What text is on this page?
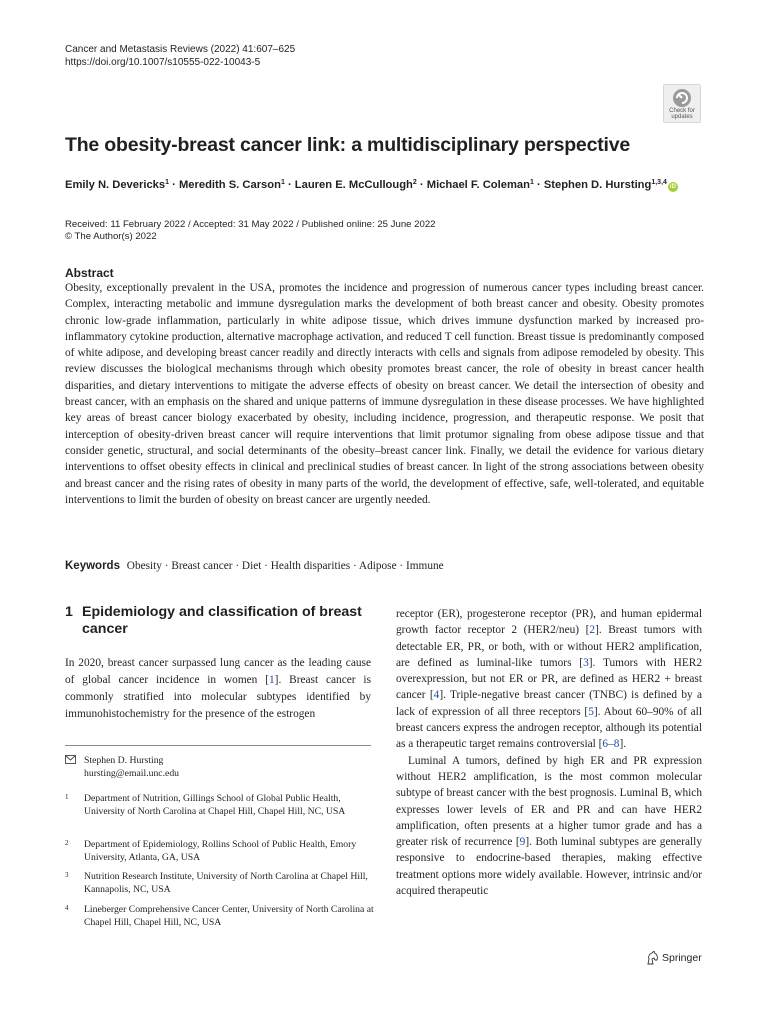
Cancer and Metastasis Reviews (2022) 41:607–625
https://doi.org/10.1007/s10555-022-10043-5
Check for
updates
The obesity-breast cancer link: a multidisciplinary perspective
Emily N. Devericks$^1$ · Meredith S. Carson$^1$ · Lauren E. McCullough$^2$ · Michael F. Coleman$^1$ · Stephen D. Hursting$^{1,3,4}$iD
Received: 11 February 2022 / Accepted: 31 May 2022 / Published online: 25 June 2022
© The Author(s) 2022
Abstract

Obesity, exceptionally prevalent in the USA, promotes the incidence and progression of numerous cancer types including breast cancer. Complex, interacting metabolic and immune dysregulation marks the development of both breast cancer and obesity. Obesity promotes chronic low-grade inflammation, particularly in white adipose tissue, which drives immune dysfunction marked by increased pro-inflammatory cytokine production, alternative macrophage activation, and reduced T cell function. Breast tissue is predominantly composed of white adipose, and developing breast cancer readily and directly interacts with cells and signals from adipose remodeled by obesity. This review discusses the biological mechanisms through which obesity promotes breast cancer, the role of obesity in breast cancer health disparities, and dietary interventions to mitigate the adverse effects of obesity on breast cancer. We detail the intersection of obesity and breast cancer, with an emphasis on the shared and unique patterns of immune dysregulation in these disease processes. We have highlighted key areas of breast cancer biology exacerbated by obesity, including incidence, progression, and therapeutic response. We posit that interception of obesity-driven breast cancer will require interventions that limit protumor signaling from obese adipose tissue and that consider genetic, structural, and social determinants of the obesity–breast cancer link. Finally, we detail the evidence for various dietary interventions to offset obesity effects in clinical and preclinical studies of breast cancer. In light of the strong associations between obesity and breast cancer and the rising rates of obesity in many parts of the world, the development of effective, safe, well-tolerated, and equitable interventions to limit the burden of obesity on breast cancer are urgently needed.

Keywords Obesity · Breast cancer · Diet · Health disparities · Adipose · Immune
1 Epidemiology and classification of breast cancer

In 2020, breast cancer surpassed lung cancer as the leading cause of global cancer incidence in women [1]. Breast cancer is commonly stratified into molecular subtypes identified by immunohistochemistry for the presence of the estrogen

Stephen D. Hursting
hursting@email.unc.edu
1 Department of Nutrition, Gillings School of Global Public Health, University of North Carolina at Chapel Hill, Chapel Hill, NC, USA
2 Department of Epidemiology, Rollins School of Public Health, Emory University, Atlanta, GA, USA
3 Nutrition Research Institute, University of North Carolina at Chapel Hill, Kannapolis, NC, USA
4 Lineberger Comprehensive Cancer Center, University of North Carolina at Chapel Hill, Chapel Hill, NC, USA

receptor (ER), progesterone receptor (PR), and human epidermal growth factor receptor 2 (HER2/neu) [2]. Breast tumors with detectable ER, PR, or both, with or without HER2 amplification, are defined as luminal-like tumors [3]. Tumors with HER2 overexpression, but not ER or PR, are defined as HER2 + breast cancer [4]. Triple-negative breast cancer (TNBC) is defined by a lack of expression of all three receptors [5]. About 60–90% of all breast cancers express the androgen receptor, although its potential as a therapeutic target remains controversial [6–8].

Luminal A tumors, defined by high ER and PR expression without HER2 amplification, is the most common molecular subtype of breast cancer with the best prognosis. Luminal B, which expresses lower levels of ER and PR and can have HER2 amplification, often presents at a higher tumor grade and has a greater risk of recurrence [9]. Both luminal subtypes are generally responsive to endocrine-based therapies, making effective treatment options more widely available. However, intrinsic and/or acquired therapeutic

Springer
